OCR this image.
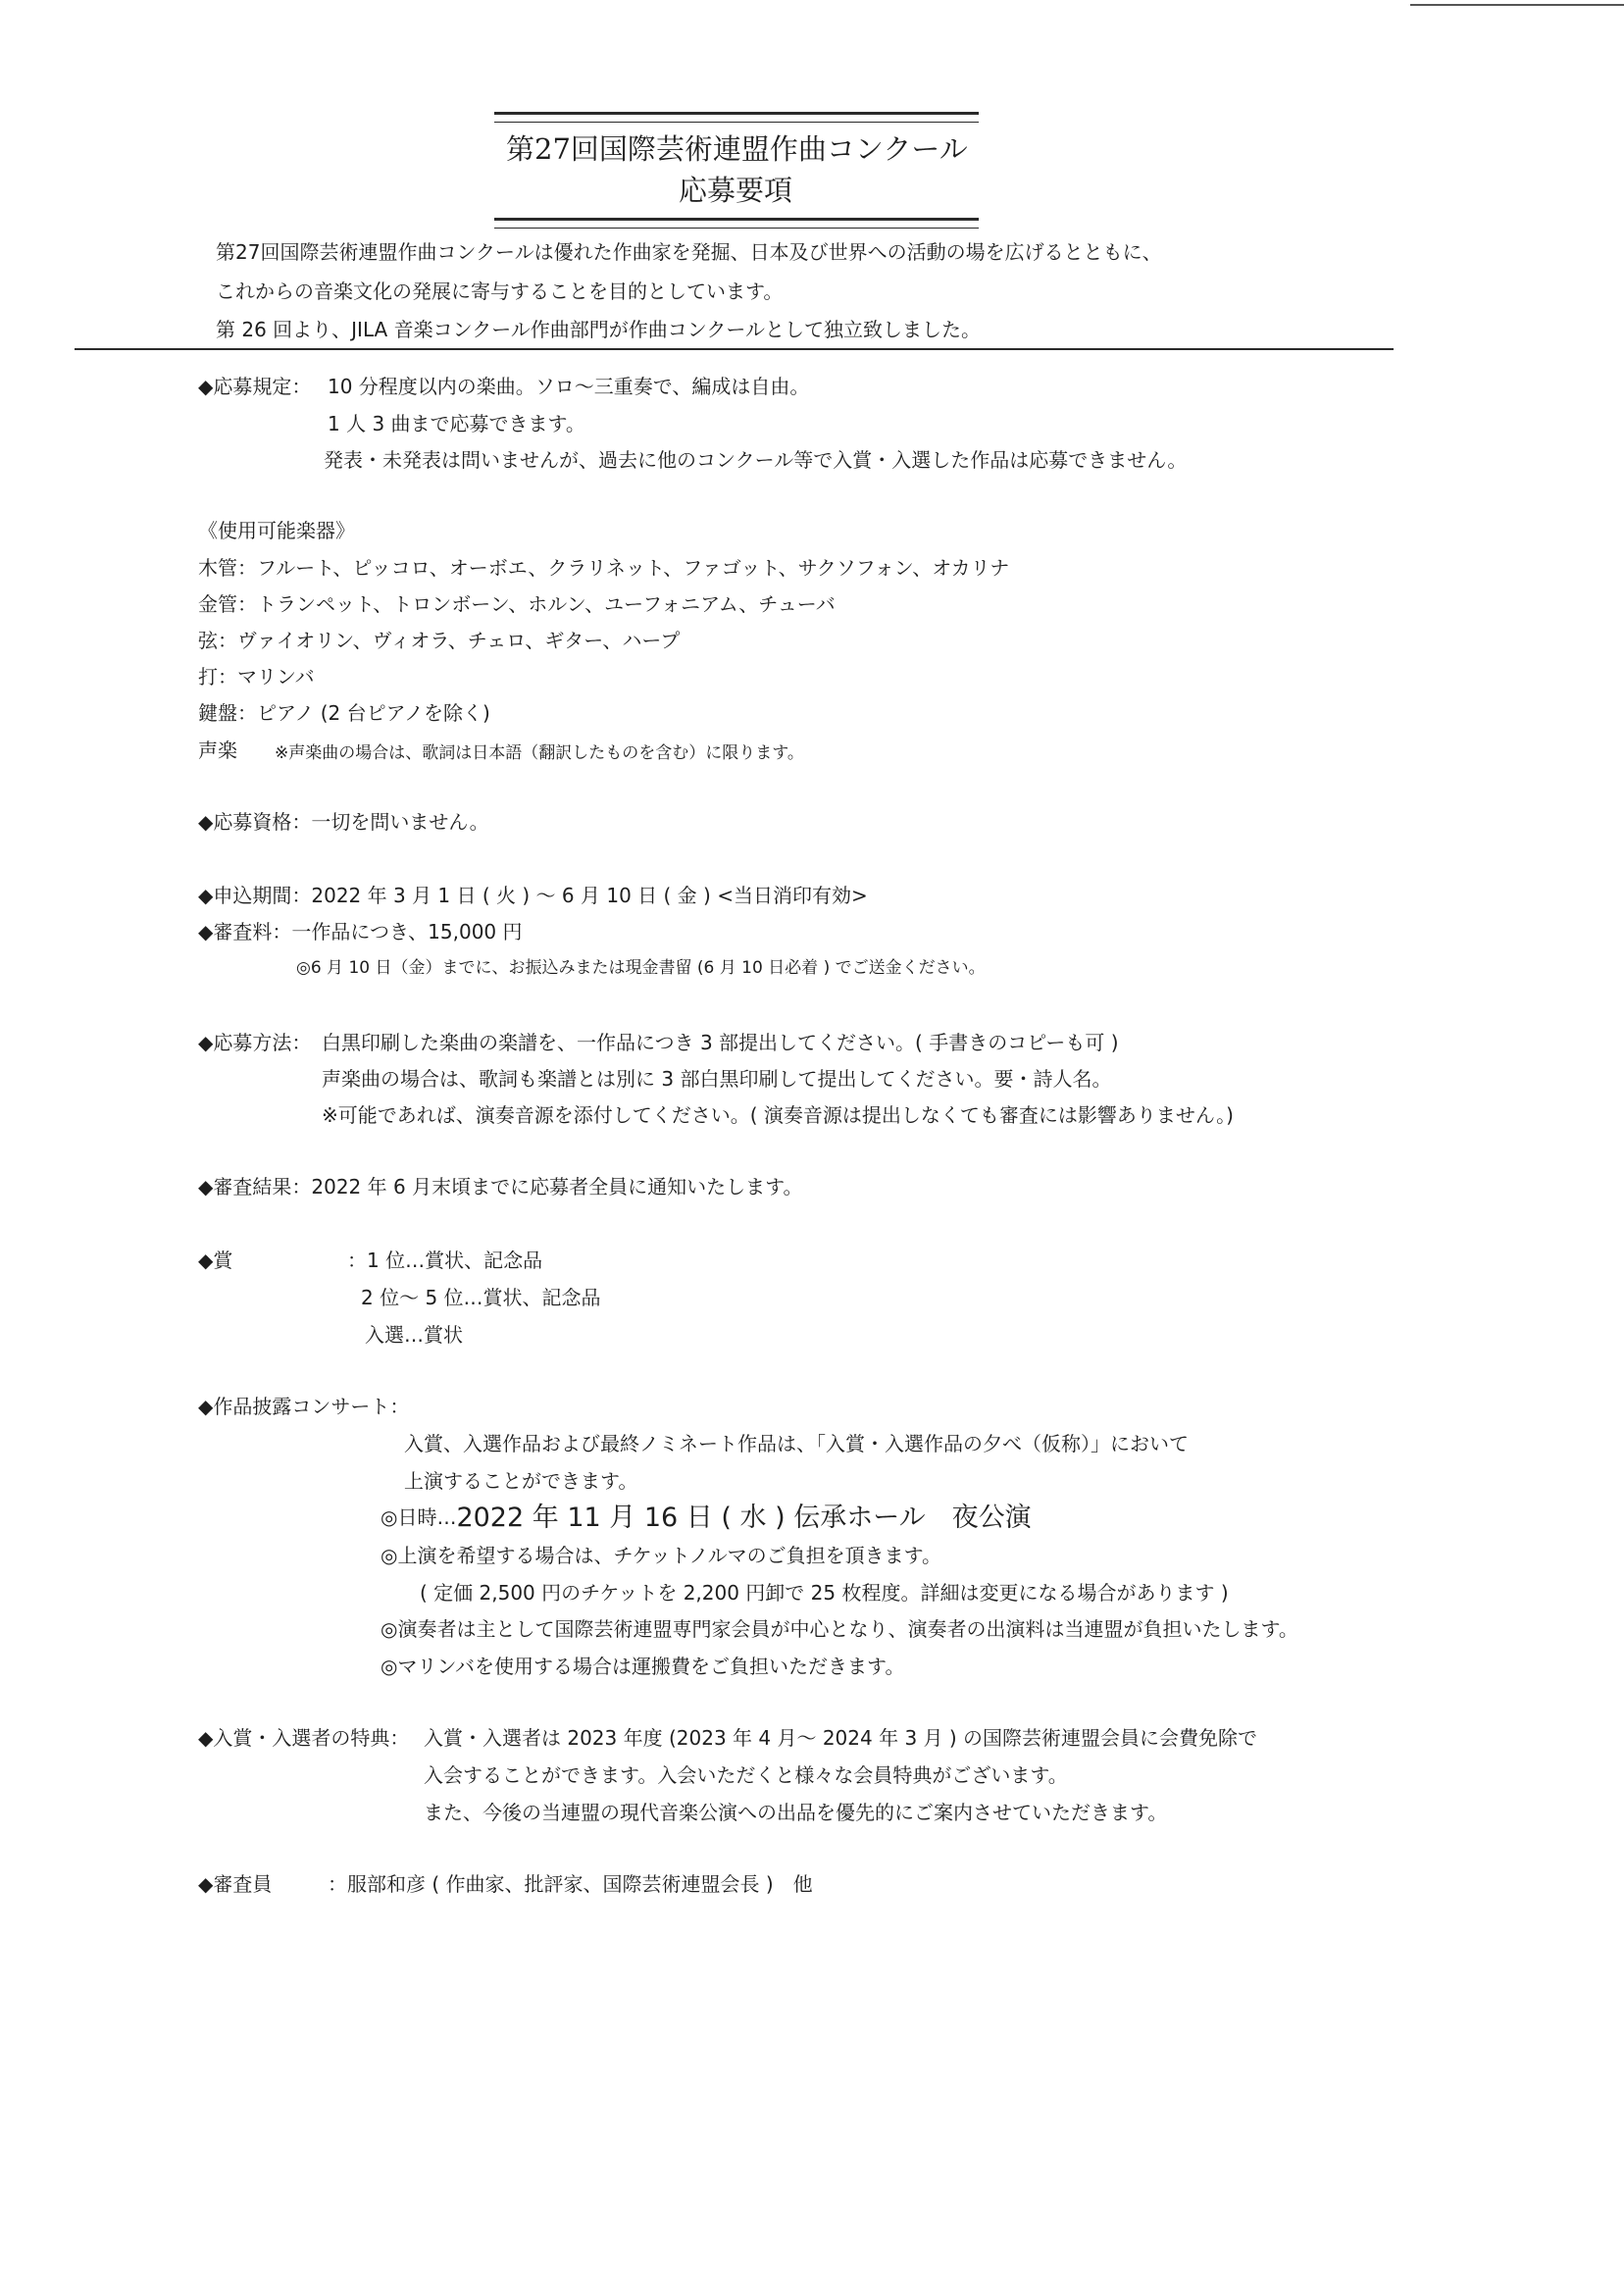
第27回国際芸術連盟作曲コンクール
応募要項
第27回国際芸術連盟作曲コンクールは優れた作曲家を発掘、日本及び世界への活動の場を広げるとともに、
これからの音楽文化の発展に寄与することを目的としています。
第 26 回より、JILA 音楽コンクール作曲部門が作曲コンクールとして独立致しました。
◆応募規定： 10 分程度以内の楽曲。ソロ〜三重奏で、編成は自由。
1 人 3 曲まで応募できます。
発表・未発表は問いませんが、過去に他のコンクール等で入賞・入選した作品は応募できません。
《使用可能楽器》
木管：フルート、ピッコロ、オーボエ、クラリネット、ファゴット、サクソフォン、オカリナ
金管：トランペット、トロンボーン、ホルン、ユーフォニアム、チューバ
弦：ヴァイオリン、ヴィオラ、チェロ、ギター、ハープ
打：マリンバ
鍵盤：ピアノ (2 台ピアノを除く)
声楽 ※声楽曲の場合は、歌詞は日本語（翻訳したものを含む）に限ります。
◆応募資格：一切を問いません。
◆申込期間：2022 年 3 月 1 日 ( 火 ) 〜 6 月 10 日 ( 金 ) <当日消印有効>
◆審査料：一作品につき、15,000 円
◎6 月 10 日（金）までに、お振込みまたは現金書留 (6 月 10 日必着 ) でご送金ください。
◆応募方法： 白黒印刷した楽曲の楽譜を、一作品につき 3 部提出してください。( 手書きのコピーも可 )
声楽曲の場合は、歌詞も楽譜とは別に 3 部白黒印刷して提出してください。要・詩人名。
※可能であれば、演奏音源を添付してください。( 演奏音源は提出しなくても審査には影響ありません。)
◆審査結果：2022 年 6 月末頃までに応募者全員に通知いたします。
◆賞	：1 位…賞状、記念品
2 位〜 5 位…賞状、記念品
入選…賞状
◆作品披露コンサート：
入賞、入選作品および最終ノミネート作品は、「入賞・入選作品の夕べ（仮称）」において
上演することができます。
◎日時…2022 年 11 月 16 日 ( 水 ) 伝承ホール　夜公演
◎上演を希望する場合は、チケットノルマのご負担を頂きます。
( 定価 2,500 円のチケットを 2,200 円卸で 25 枚程度。詳細は変更になる場合があります )
◎演奏者は主として国際芸術連盟専門家会員が中心となり、演奏者の出演料は当連盟が負担いたします。
◎マリンバを使用する場合は運搬費をご負担いただきます。
◆入賞・入選者の特典： 入賞・入選者は 2023 年度 (2023 年 4 月〜 2024 年 3 月 ) の国際芸術連盟会員に会費免除で
入会することができます。入会いただくと様々な会員特典がございます。
また、今後の当連盟の現代音楽公演への出品を優先的にご案内させていただきます。
◆審査員	：服部和彦 ( 作曲家、批評家、国際芸術連盟会長 )　他
